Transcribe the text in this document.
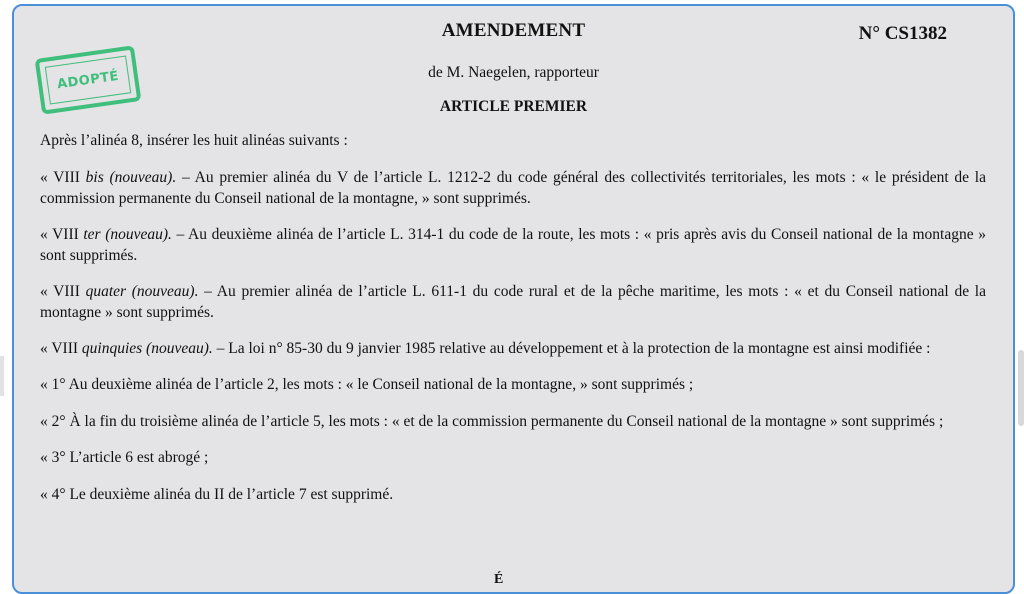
ADOPTÉ
AMENDEMENT	N° CS1382
de M. Naegelen, rapporteur
ARTICLE PREMIER

Après l’alinéa 8, insérer les huit alinéas suivants :

« VIII bis (nouveau). – Au premier alinéa du V de l’article L. 1212-2 du code général des collectivités territoriales, les mots : « le président de la commission permanente du Conseil national de la montagne, » sont supprimés.

« VIII ter (nouveau). – Au deuxième alinéa de l’article L. 314-1 du code de la route, les mots : « pris après avis du Conseil national de la montagne » sont supprimés.

« VIII quater (nouveau). – Au premier alinéa de l’article L. 611-1 du code rural et de la pêche maritime, les mots : « et du Conseil national de la montagne » sont supprimés.

« VIII quinquies (nouveau). – La loi n° 85-30 du 9 janvier 1985 relative au développement et à la protection de la montagne est ainsi modifiée :

« 1° Au deuxième alinéa de l’article 2, les mots : « le Conseil national de la montagne, » sont supprimés ;

« 2° À la fin du troisième alinéa de l’article 5, les mots : « et de la commission permanente du Conseil national de la montagne » sont supprimés ;

« 3° L’article 6 est abrogé ;

« 4° Le deuxième alinéa du II de l’article 7 est supprimé.

É
